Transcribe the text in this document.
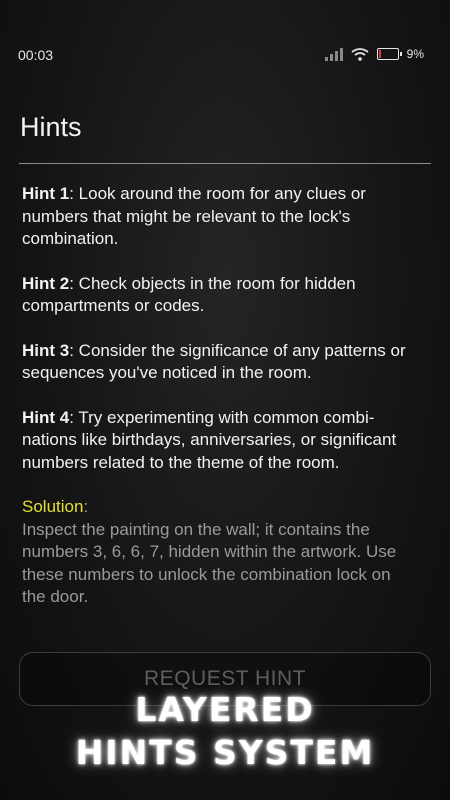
00:03	9%
Hints

Hint 1: Look around the room for any clues or numbers that might be relevant to the lock's combination.

Hint 2: Check objects in the room for hidden compartments or codes.

Hint 3: Consider the significance of any patterns or sequences you've noticed in the room.

Hint 4: Try experimenting with common combinations like birthdays, anniversaries, or significant numbers related to the theme of the room.

Solution:
Inspect the painting on the wall; it contains the numbers 3, 6, 6, 7, hidden within the artwork. Use these numbers to unlock the combination lock on the door.
REQUEST HINT
LAYERED
HINTS SYSTEM
